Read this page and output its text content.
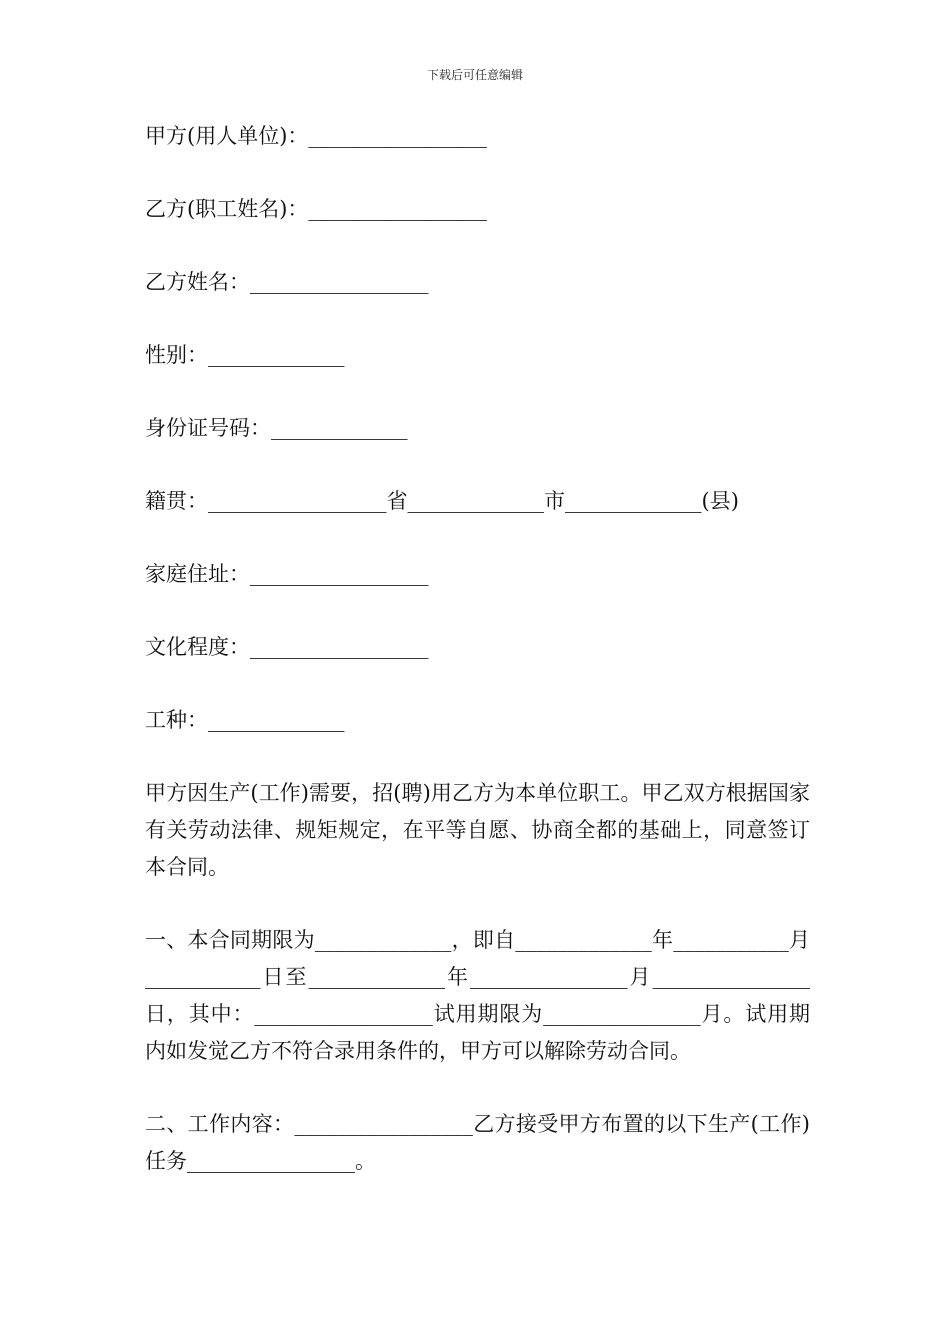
下载后可任意编辑
甲方(用人单位)：_________________
乙方(职工姓名)：_________________
乙方姓名：_________________
性别：_____________
身份证号码：_____________
籍贯：_________________省_____________市_____________(县)
家庭住址：_________________
文化程度：_________________
工种：_____________
甲方因生产(工作)需要，招(聘)用乙方为本单位职工。甲乙双方根据国家有关劳动法律、规矩规定，在平等自愿、协商全都的基础上，同意签订本合同。
一、本合同期限为_____________，即自_____________年___________月___________日至_____________年_______________月_______________日，其中：_________________试用期限为_______________月。试用期内如发觉乙方不符合录用条件的，甲方可以解除劳动合同。
二、工作内容：_________________乙方接受甲方布置的以下生产(工作)任务________________。
